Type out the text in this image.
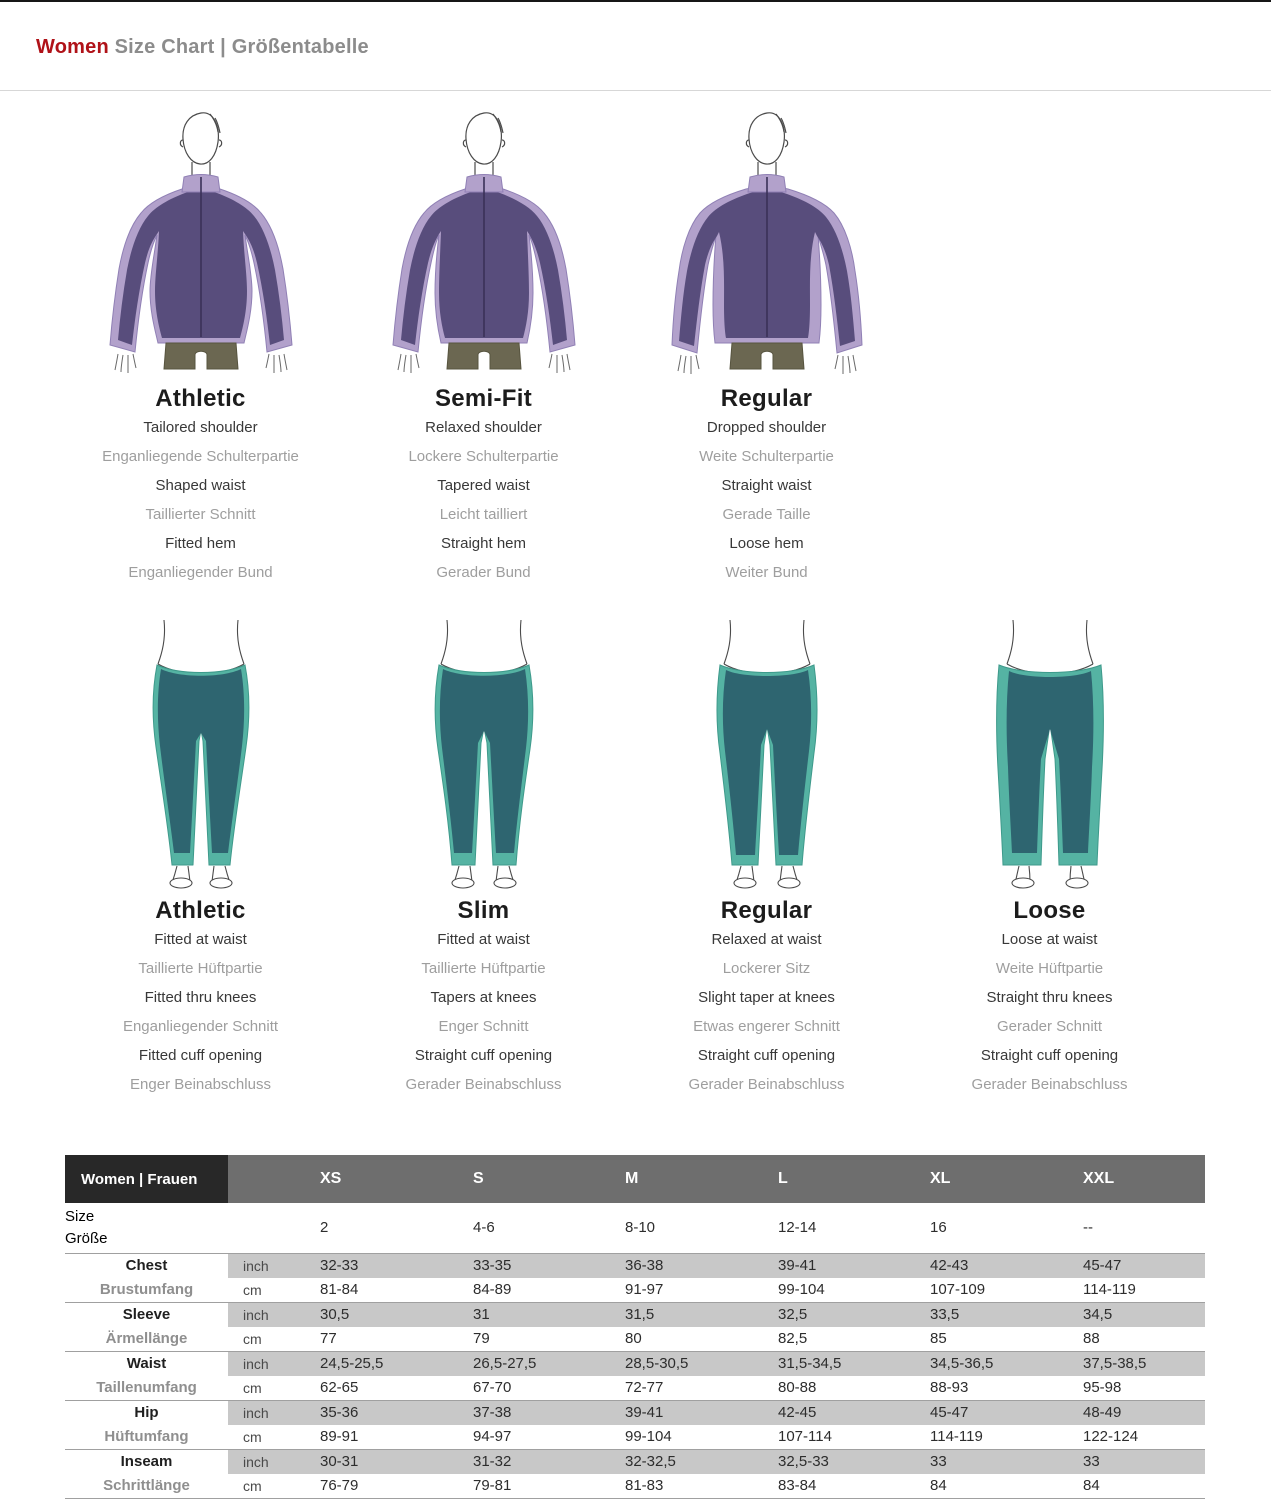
Women Size Chart | Größentabelle
Athletic
Tailored shoulder
Enganliegende Schulterpartie
Shaped waist
Taillierter Schnitt
Fitted hem
Enganliegender Bund
Semi-Fit
Relaxed shoulder
Lockere Schulterpartie
Tapered waist
Leicht tailliert
Straight hem
Gerader Bund
Regular
Dropped shoulder
Weite Schulterpartie
Straight waist
Gerade Taille
Loose hem
Weiter Bund
Athletic
Fitted at waist
Taillierte Hüftpartie
Fitted thru knees
Enganliegender Schnitt
Fitted cuff opening
Enger Beinabschluss
Slim
Fitted at waist
Taillierte Hüftpartie
Tapers at knees
Enger Schnitt
Straight cuff opening
Gerader Beinabschluss
Regular
Relaxed at waist
Lockerer Sitz
Slight taper at knees
Etwas engerer Schnitt
Straight cuff opening
Gerader Beinabschluss
Loose
Loose at waist
Weite Hüftpartie
Straight thru knees
Gerader Schnitt
Straight cuff opening
Gerader Beinabschluss
Women | Frauen		XS	S	M	L	XL	XXL

Size
Größe		2	4-6	8-10	12-14	16	--
Chest	inch	32-33	33-35	36-38	39-41	42-43	45-47
Brustumfang	cm	81-84	84-89	91-97	99-104	107-109	114-119
Sleeve	inch	30,5	31	31,5	32,5	33,5	34,5
Ärmellänge	cm	77	79	80	82,5	85	88
Waist	inch	24,5-25,5	26,5-27,5	28,5-30,5	31,5-34,5	34,5-36,5	37,5-38,5
Taillenumfang	cm	62-65	67-70	72-77	80-88	88-93	95-98
Hip	inch	35-36	37-38	39-41	42-45	45-47	48-49
Hüftumfang	cm	89-91	94-97	99-104	107-114	114-119	122-124
Inseam	inch	30-31	31-32	32-32,5	32,5-33	33	33
Schrittlänge	cm	76-79	79-81	81-83	83-84	84	84
